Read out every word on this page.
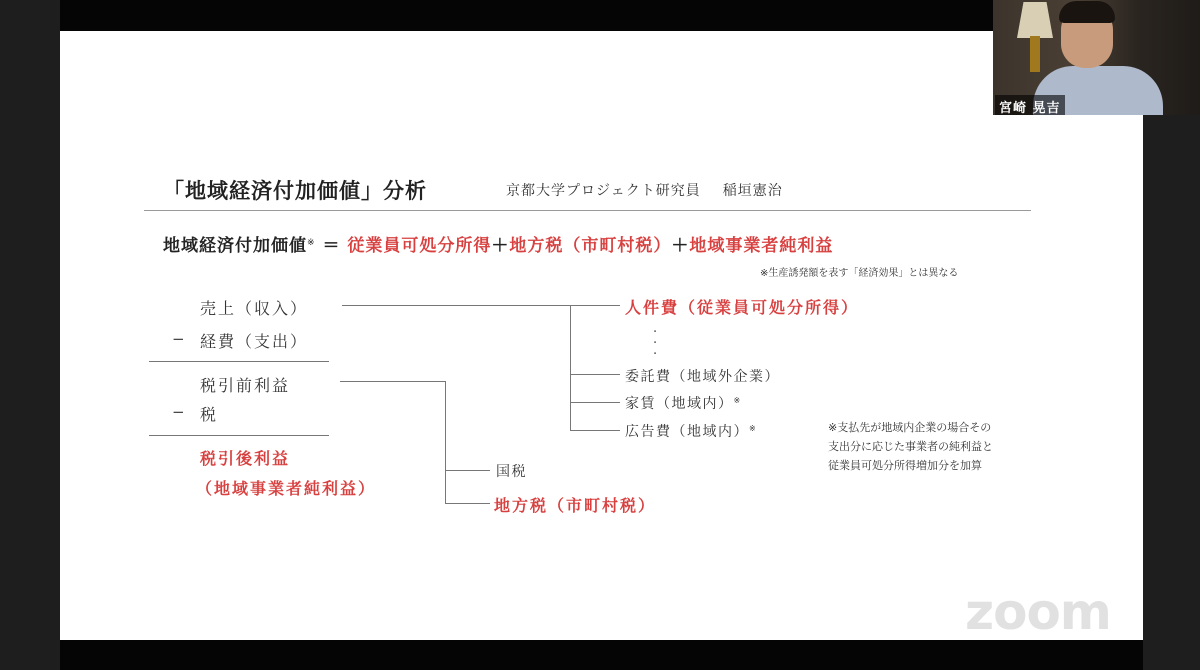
「地域経済付加価値」分析	京都大学プロジェクト研究員 稲垣憲治
地域経済付加価値※ ＝ 従業員可処分所得＋地方税（市町村税）＋地域事業者純利益
※生産誘発額を表す「経済効果」とは異なる
売上（収入）
− 経費（支出）
税引前利益
− 税
税引後利益
（地域事業者純利益）
人件費（従業員可処分所得）
.
.
.
委託費（地域外企業）
家賃（地域内）※
広告費（地域内）※
国税
地方税（市町村税）
※支払先が地域内企業の場合その
支出分に応じた事業者の純利益と
従業員可処分所得増加分を加算
zoom
宮崎 晃吉
